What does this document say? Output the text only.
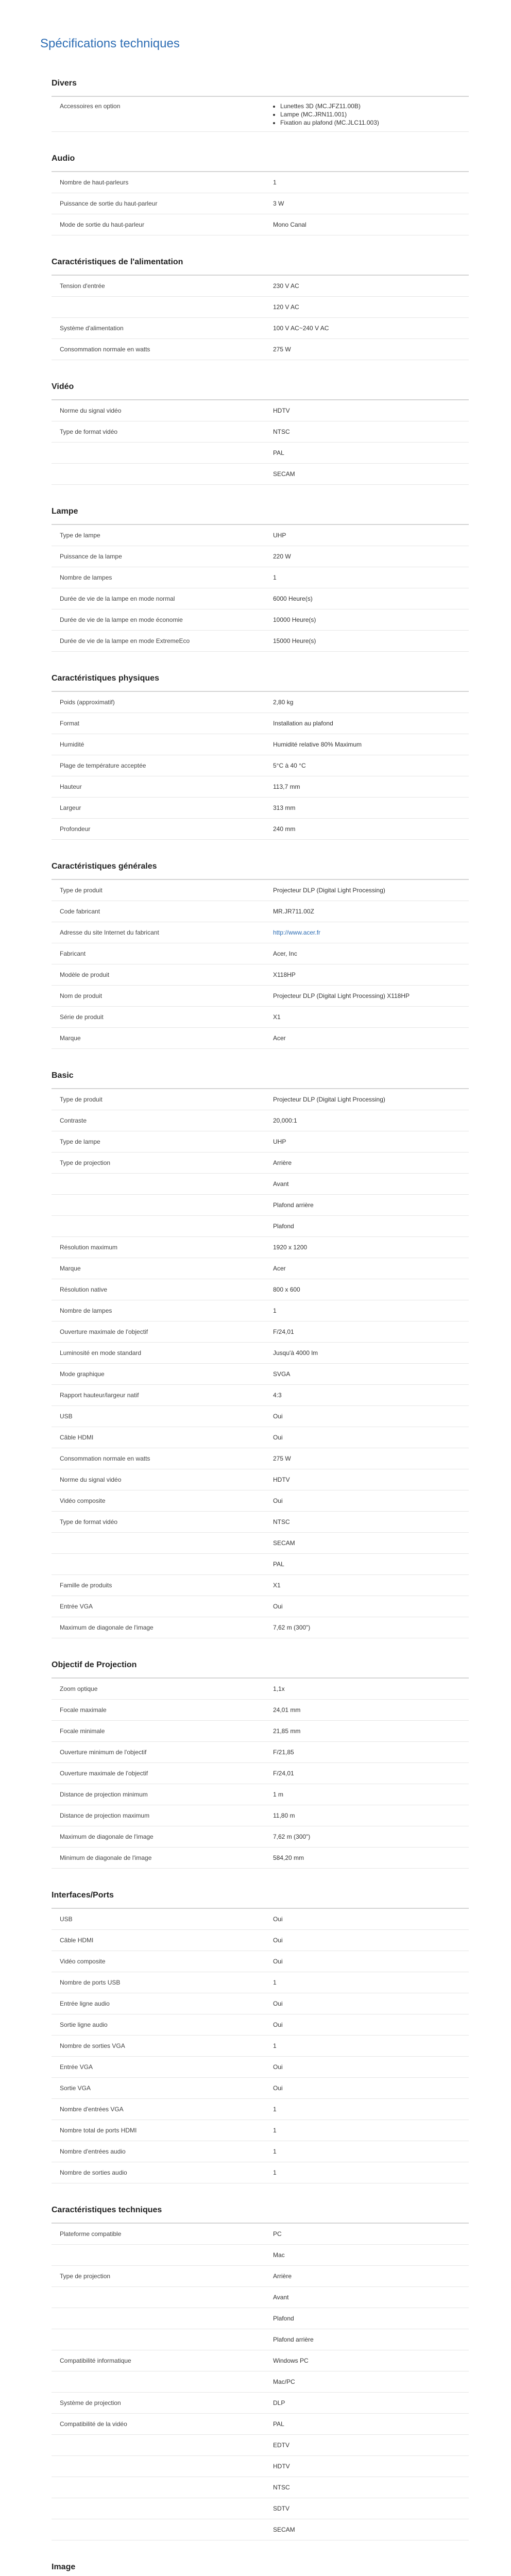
Spécifications techniques
Divers
Accessoires en option	• Lunettes 3D (MC.JFZ11.00B)
• Lampe (MC.JRN11.001)
• Fixation au plafond (MC.JLC11.003)
Audio
Nombre de haut-parleurs	1
Puissance de sortie du haut-parleur	3 W
Mode de sortie du haut-parleur	Mono Canal
Caractéristiques de l'alimentation
Tension d'entrée	230 V AC
120 V AC
Système d'alimentation	100 V AC~240 V AC
Consommation normale en watts	275 W
Vidéo
Norme du signal vidéo	HDTV
Type de format vidéo	NTSC
PAL
SECAM
Lampe
Type de lampe	UHP
Puissance de la lampe	220 W
Nombre de lampes	1
Durée de vie de la lampe en mode normal	6000 Heure(s)
Durée de vie de la lampe en mode économie	10000 Heure(s)
Durée de vie de la lampe en mode ExtremeEco	15000 Heure(s)
Caractéristiques physiques
Poids (approximatif)	2,80 kg
Format	Installation au plafond
Humidité	Humidité relative 80% Maximum
Plage de température acceptée	5°C à 40 °C
Hauteur	113,7 mm
Largeur	313 mm
Profondeur	240 mm
Caractéristiques générales
Type de produit	Projecteur DLP (Digital Light Processing)
Code fabricant	MR.JR711.00Z
Adresse du site Internet du fabricant	http://www.acer.fr
Fabricant	Acer, Inc
Modèle de produit	X118HP
Nom de produit	Projecteur DLP (Digital Light Processing) X118HP
Série de produit	X1
Marque	Acer
Basic
Type de produit	Projecteur DLP (Digital Light Processing)
Contraste	20,000:1
Type de lampe	UHP
Type de projection	Arrière
Avant
Plafond arrière
Plafond
Résolution maximum	1920 x 1200
Marque	Acer
Résolution native	800 x 600
Nombre de lampes	1
Ouverture maximale de l'objectif	F/24,01
Luminosité en mode standard	Jusqu'à 4000 lm
Mode graphique	SVGA
Rapport hauteur/largeur natif	4:3
USB	Oui
Câble HDMI	Oui
Consommation normale en watts	275 W
Norme du signal vidéo	HDTV
Vidéo composite	Oui
Type de format vidéo	NTSC
SECAM
PAL
Famille de produits	X1
Entrée VGA	Oui
Maximum de diagonale de l'image	7,62 m (300")
Objectif de Projection
Zoom optique	1,1x
Focale maximale	24,01 mm
Focale minimale	21,85 mm
Ouverture minimum de l'objectif	F/21,85
Ouverture maximale de l'objectif	F/24,01
Distance de projection minimum	1 m
Distance de projection maximum	11,80 m
Maximum de diagonale de l'image	7,62 m (300")
Minimum de diagonale de l'image	584,20 mm
Interfaces/Ports
USB	Oui
Câble HDMI	Oui
Vidéo composite	Oui
Nombre de ports USB	1
Entrée ligne audio	Oui
Sortie ligne audio	Oui
Nombre de sorties VGA	1
Entrée VGA	Oui
Sortie VGA	Oui
Nombre d'entrées VGA	1
Nombre total de ports HDMI	1
Nombre d'entrées audio	1
Nombre de sorties audio	1
Caractéristiques techniques
Plateforme compatible	PC
Mac
Type de projection	Arrière
Avant
Plafond
Plafond arrière
Compatibilité informatique	Windows PC
Mac/PC
Système de projection	DLP
Compatibilité de la vidéo	PAL
EDTV
HDTV
NTSC
SDTV
SECAM
Image
